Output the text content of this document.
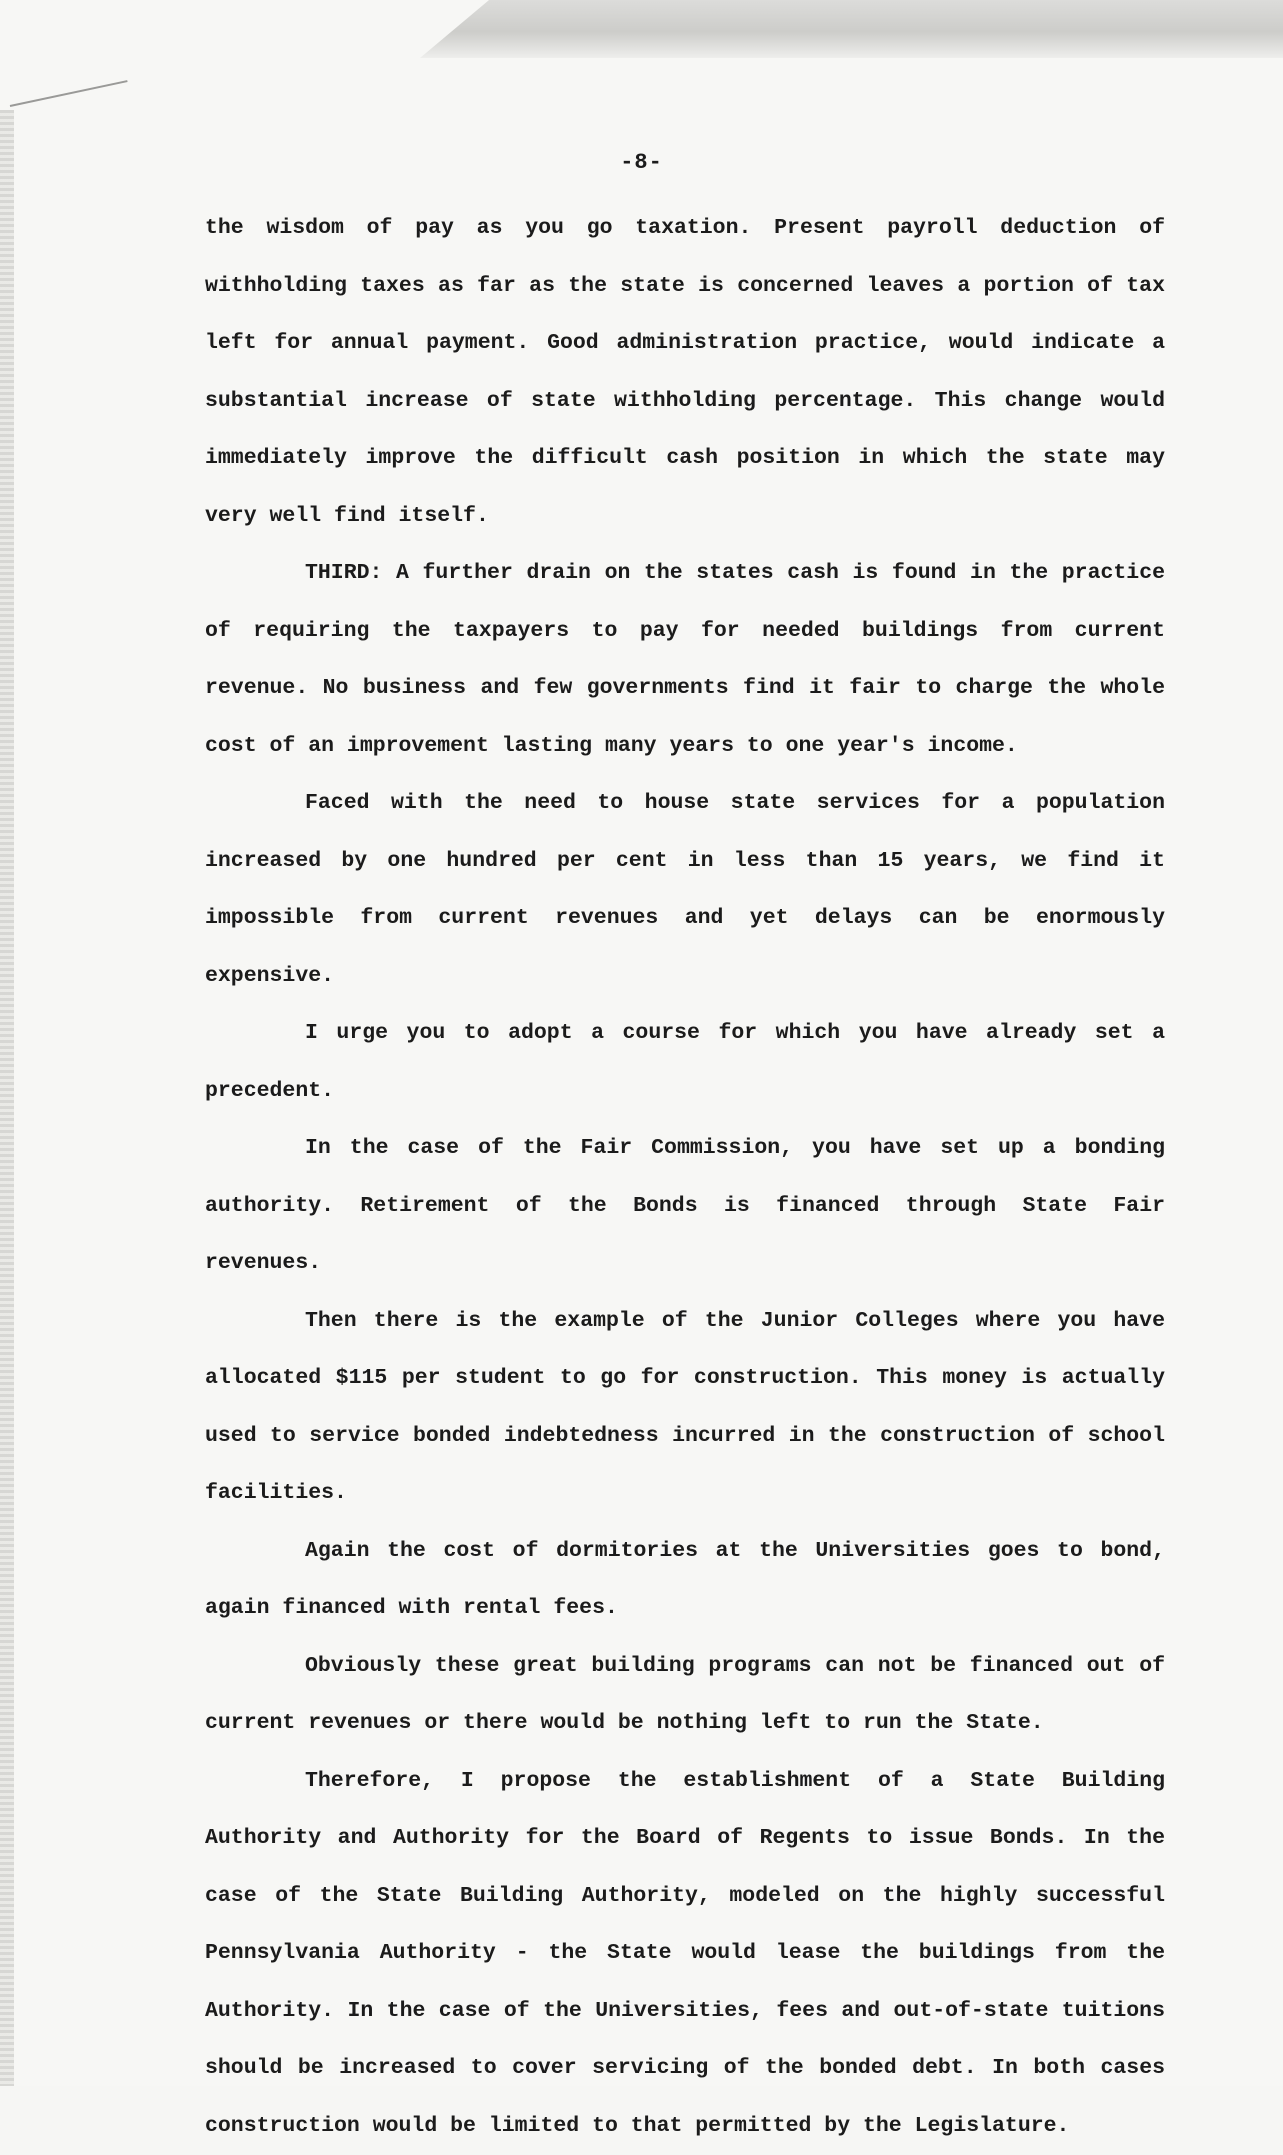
-8-

the wisdom of pay as you go taxation. Present payroll deduction of withholding taxes as far as the state is concerned leaves a portion of tax left for annual payment. Good administration practice, would indicate a substantial increase of state withholding percentage. This change would immediately improve the difficult cash position in which the state may very well find itself.

THIRD: A further drain on the states cash is found in the practice of requiring the taxpayers to pay for needed buildings from current revenue. No business and few governments find it fair to charge the whole cost of an improvement lasting many years to one year's income.

Faced with the need to house state services for a population increased by one hundred per cent in less than 15 years, we find it impossible from current revenues and yet delays can be enormously expensive.

I urge you to adopt a course for which you have already set a precedent.

In the case of the Fair Commission, you have set up a bonding authority. Retirement of the Bonds is financed through State Fair revenues.

Then there is the example of the Junior Colleges where you have allocated $115 per student to go for construction. This money is actually used to service bonded indebtedness incurred in the construction of school facilities.

Again the cost of dormitories at the Universities goes to bond, again financed with rental fees.

Obviously these great building programs can not be financed out of current revenues or there would be nothing left to run the State.

Therefore, I propose the establishment of a State Building Authority and Authority for the Board of Regents to issue Bonds. In the case of the State Building Authority, modeled on the highly successful Pennsylvania Authority - the State would lease the buildings from the Authority. In the case of the Universities, fees and out-of-state tuitions should be increased to cover servicing of the bonded debt. In both cases construction would be limited to that permitted by the Legislature.
